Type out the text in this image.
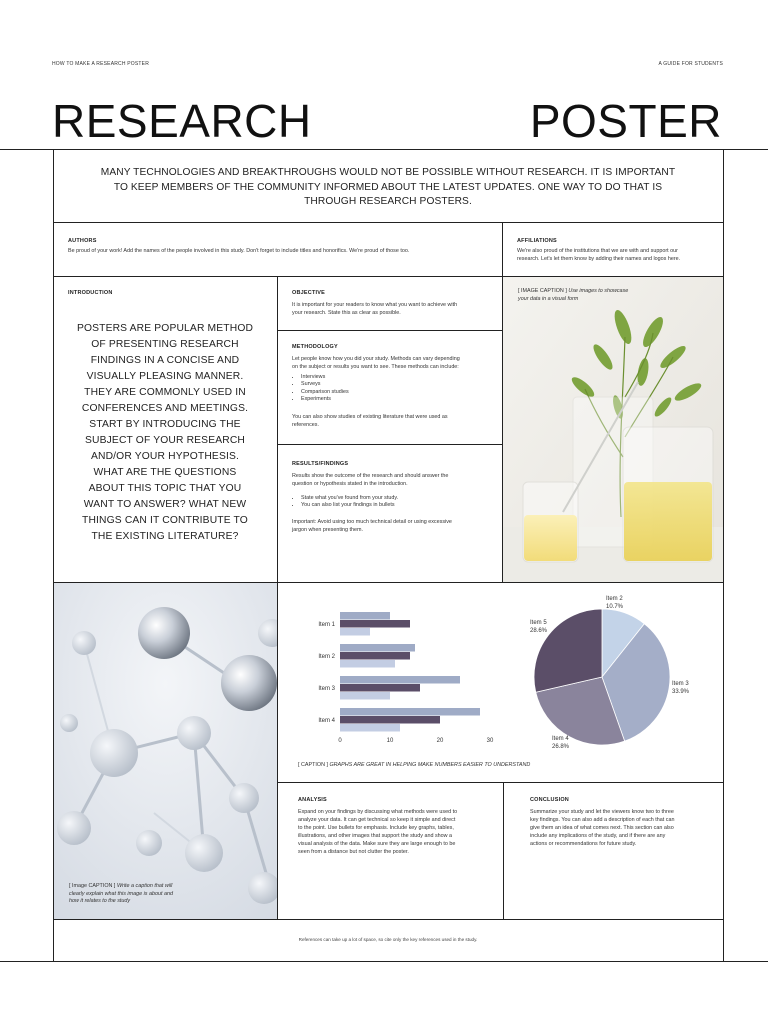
HOW TO MAKE A RESEARCH POSTER	A GUIDE FOR STUDENTS
RESEARCH	POSTER
MANY TECHNOLOGIES AND BREAKTHROUGHS WOULD NOT BE POSSIBLE WITHOUT RESEARCH. IT IS IMPORTANT
TO KEEP MEMBERS OF THE COMMUNITY INFORMED ABOUT THE LATEST UPDATES. ONE WAY TO DO THAT IS
THROUGH RESEARCH POSTERS.
AUTHORS
Be proud of your work! Add the names of the people involved in this study. Don't forget to include titles and honorifics. We're proud of those too.
AFFILIATIONS
We're also proud of the institutions that we are with and support our
research. Let's let them know by adding their names and logos here.
INTRODUCTION
POSTERS ARE POPULAR METHOD
OF PRESENTING RESEARCH
FINDINGS IN A CONCISE AND
VISUALLY PLEASING MANNER.
THEY ARE COMMONLY USED IN
CONFERENCES AND MEETINGS.
START BY INTRODUCING THE
SUBJECT OF YOUR RESEARCH
AND/OR YOUR HYPOTHESIS.
WHAT ARE THE QUESTIONS
ABOUT THIS TOPIC THAT YOU
WANT TO ANSWER? WHAT NEW
THINGS CAN IT CONTRIBUTE TO
THE EXISTING LITERATURE?
OBJECTIVE
It is important for your readers to know what you want to achieve with
your research. State this as clear as possible.
METHODOLOGY
Let people know how you did your study. Methods can vary depending
on the subject or results you want to see. These methods can include:
• Interviews
• Surveys
• Comparison studies
• Experiments
You can also show studies of existing literature that were used as
references.
RESULTS/FINDINGS
Results show the outcome of the research and should answer the
question or hypothesis stated in the introduction.
• State what you've found from your study.
• You can also list your findings in bullets
Important: Avoid using too much technical detail or using excessive
jargon when presenting them.
[ IMAGE CAPTION ] Use images to showcase
your data in a visual form
[ Image CAPTION ] Write a caption that will
clearly explain what this image is about and
how it relates to the study
Item 1
Item 2
Item 3
Item 4
0	10	20	30
Item 2
10.7%
Item 3
33.9%
Item 4
26.8%
Item 5
28.6%
[ CAPTION ] GRAPHS ARE GREAT IN HELPING MAKE NUMBERS EASIER TO UNDERSTAND
ANALYSIS
Expand on your findings by discussing what methods were used to
analyze your data. It can get technical so keep it simple and direct
to the point. Use bullets for emphasis. Include key graphs, tables,
illustrations, and other images that support the study and show a
visual analysis of the data. Make sure they are large enough to be
seen from a distance but not clutter the poster.
CONCLUSION
Summarize your study and let the viewers know two to three
key findings. You can also add a description of each that can
give them an idea of what comes next. This section can also
include any implications of the study, and if there are any
actions or recommendations for future study.
References can take up a lot of space, so cite only the key references used in the study.
